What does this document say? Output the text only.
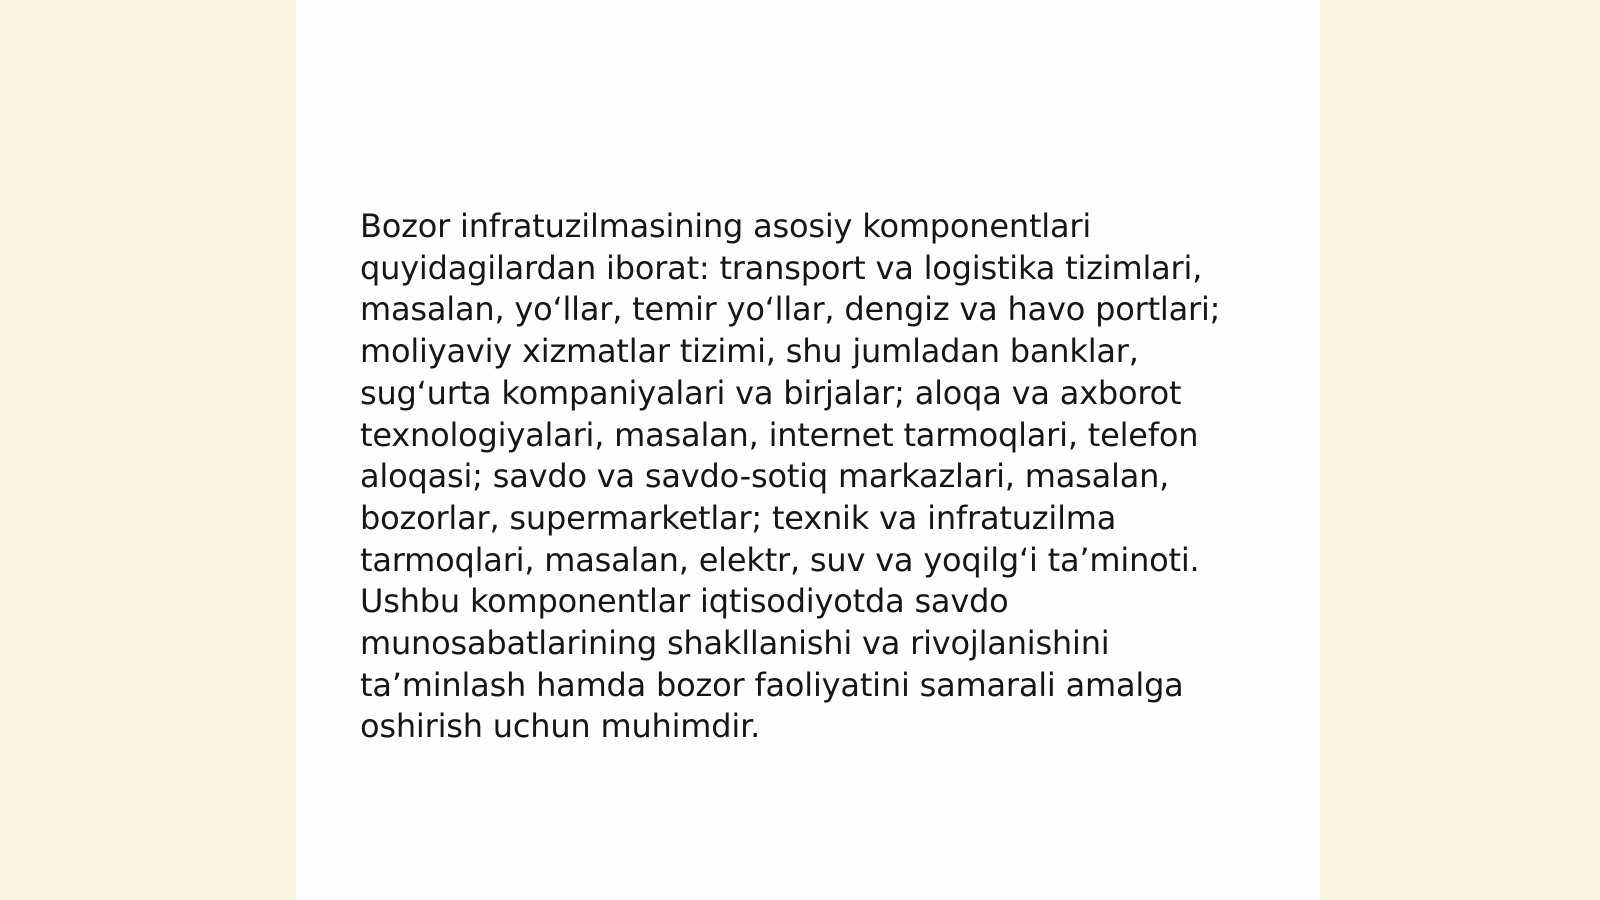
Bozor infratuzilmasining asosiy komponentlari
quyidagilardan iborat: transport va logistika tizimlari,
masalan, yo‘llar, temir yo‘llar, dengiz va havo portlari;
moliyaviy xizmatlar tizimi, shu jumladan banklar,
sug‘urta kompaniyalari va birjalar; aloqa va axborot
texnologiyalari, masalan, internet tarmoqlari, telefon
aloqasi; savdo va savdo-sotiq markazlari, masalan,
bozorlar, supermarketlar; texnik va infratuzilma
tarmoqlari, masalan, elektr, suv va yoqilg‘i ta’minoti.
Ushbu komponentlar iqtisodiyotda savdo
munosabatlarining shakllanishi va rivojlanishini
ta’minlash hamda bozor faoliyatini samarali amalga
oshirish uchun muhimdir.
